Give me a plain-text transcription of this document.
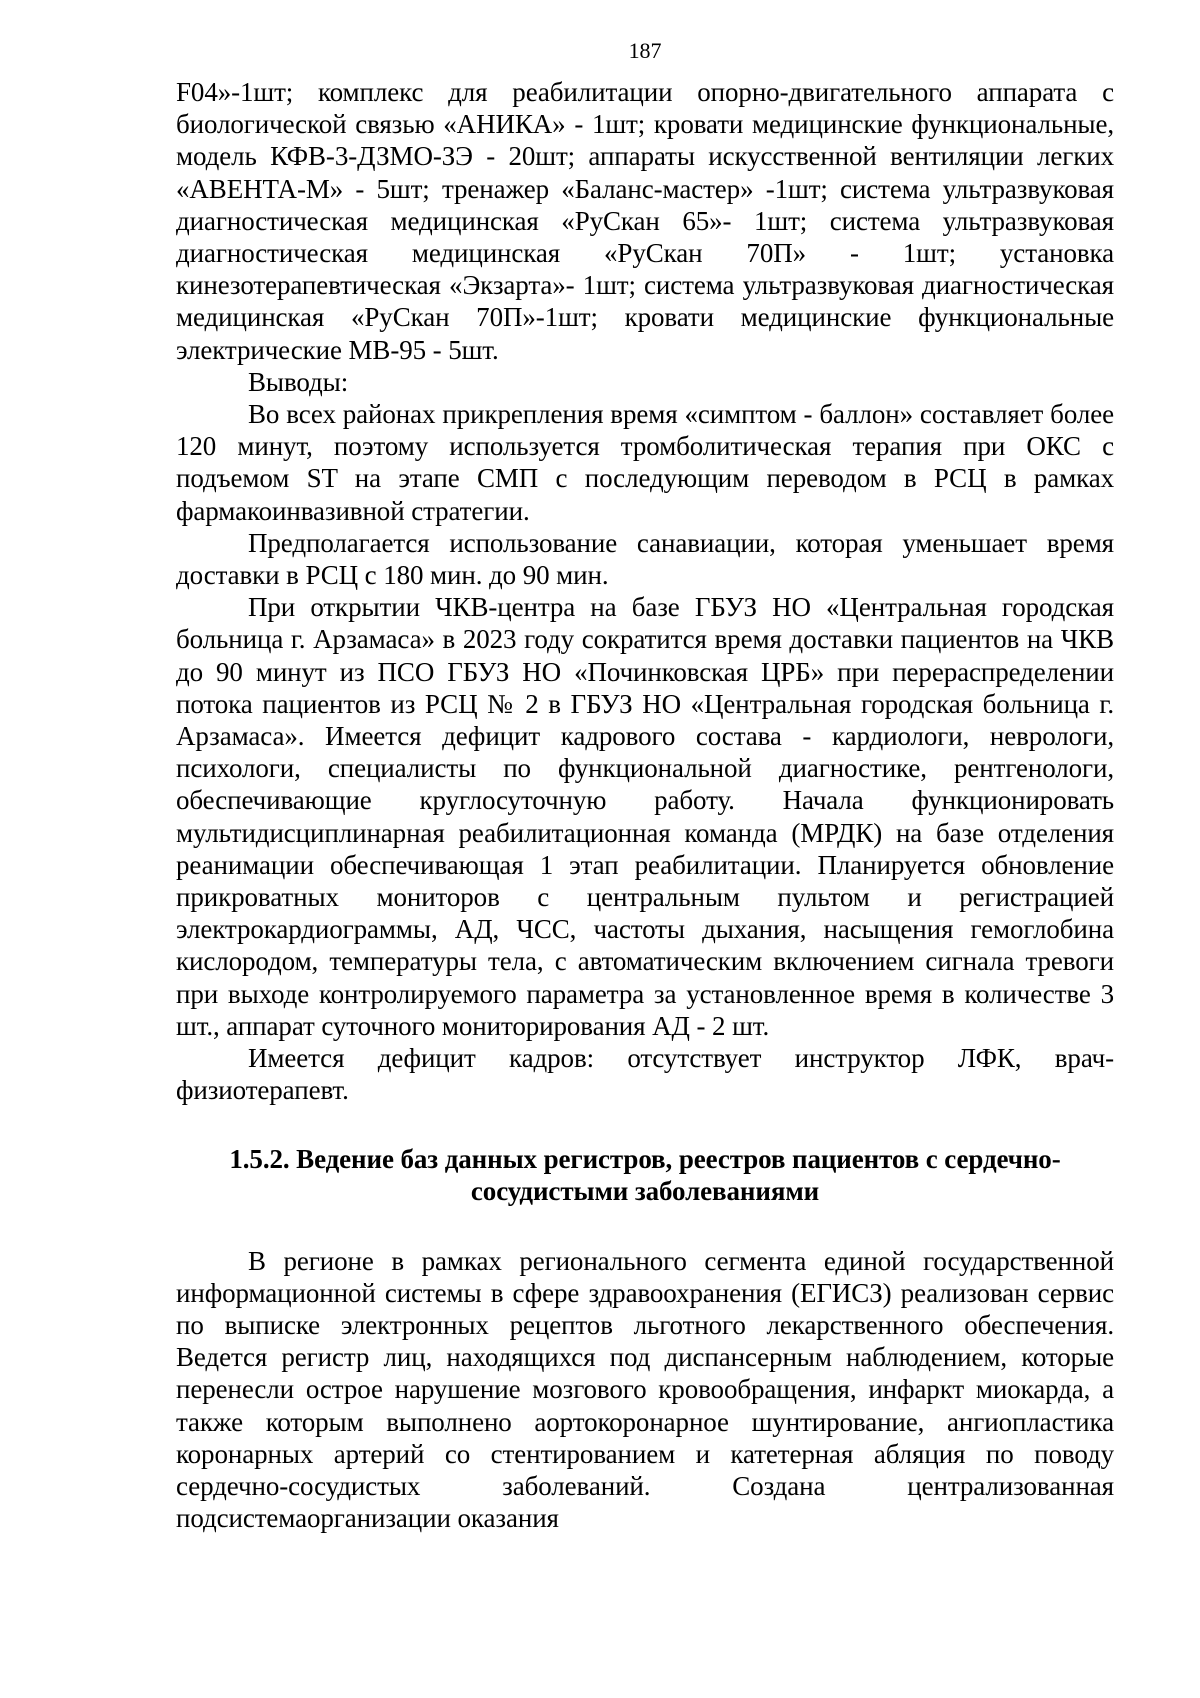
187

F04»-1шт; комплекс для реабилитации опорно-двигательного аппарата с биологической связью «АНИКА» - 1шт; кровати медицинские функциональные, модель КФВ-3-ДЗМО-ЗЭ - 20шт; аппараты искусственной вентиляции легких «АВЕНТА-М» - 5шт; тренажер «Баланс-мастер» -1шт; система ультразвуковая диагностическая медицинская «РуСкан 65»- 1шт; система ультразвуковая диагностическая медицинская «РуСкан 70П» - 1шт; установка кинезотерапевтическая «Экзарта»- 1шт; система ультразвуковая диагностическая медицинская «РуСкан 70П»-1шт; кровати медицинские функциональные электрические МВ-95 - 5шт.

Выводы:

Во всех районах прикрепления время «симптом - баллон» составляет более 120 минут, поэтому используется тромболитическая терапия при ОКС с подъемом ST на этапе СМП с последующим переводом в РСЦ в рамках фармакоинвазивной стратегии.

Предполагается использование санавиации, которая уменьшает время доставки в РСЦ с 180 мин. до 90 мин.

При открытии ЧКВ-центра на базе ГБУЗ НО «Центральная городская больница г. Арзамаса» в 2023 году сократится время доставки пациентов на ЧКВ до 90 минут из ПСО ГБУЗ НО «Починковская ЦРБ» при перераспределении потока пациентов из РСЦ № 2 в ГБУЗ НО «Центральная городская больница г. Арзамаса». Имеется дефицит кадрового состава - кардиологи, неврологи, психологи, специалисты по функциональной диагностике, рентгенологи, обеспечивающие круглосуточную работу. Начала функционировать мультидисциплинарная реабилитационная команда (МРДК) на базе отделения реанимации обеспечивающая 1 этап реабилитации. Планируется обновление прикроватных мониторов с центральным пультом и регистрацией электрокардиограммы, АД, ЧСС, частоты дыхания, насыщения гемоглобина кислородом, температуры тела, с автоматическим включением сигнала тревоги при выходе контролируемого параметра за установленное время в количестве 3 шт., аппарат суточного мониторирования АД - 2 шт.

Имеется дефицит кадров: отсутствует инструктор ЛФК, врач-физиотерапевт.

1.5.2. Ведение баз данных регистров, реестров пациентов с сердечно-
сосудистыми заболеваниями

В регионе в рамках регионального сегмента единой государственной информационной системы в сфере здравоохранения (ЕГИСЗ) реализован сервис по выписке электронных рецептов льготного лекарственного обеспечения. Ведется регистр лиц, находящихся под диспансерным наблюдением, которые перенесли острое нарушение мозгового кровообращения, инфаркт миокарда, а также которым выполнено аортокоронарное шунтирование, ангиопластика коронарных артерий со стентированием и катетерная абляция по поводу сердечно-сосудистых заболеваний. Создана централизованная подсистемаорганизации оказания
